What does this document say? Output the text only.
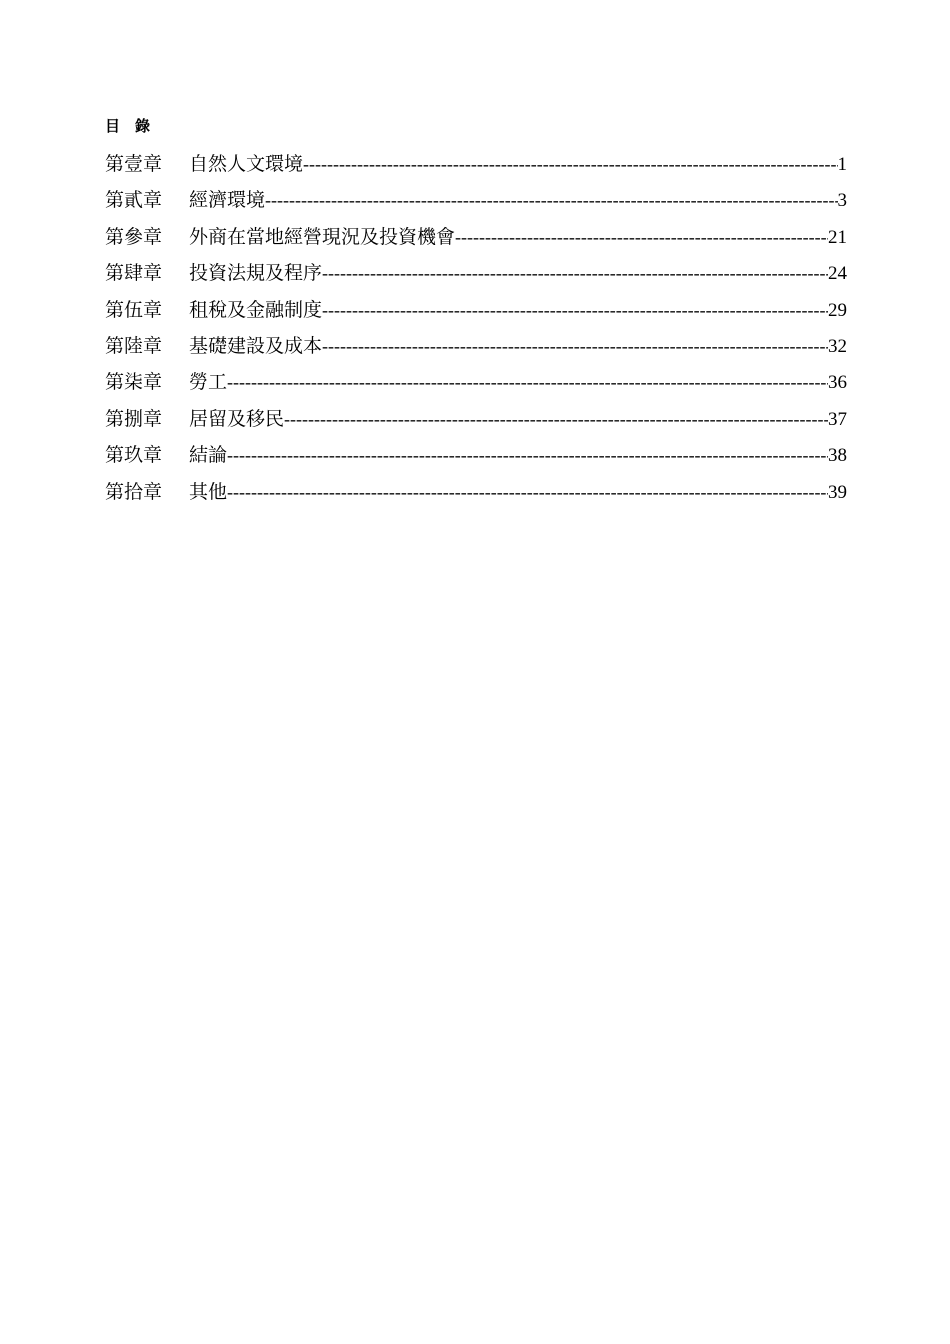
目　錄
第壹章	自然人文環境 -----	1
第貳章	經濟環境 -----	3
第參章	外商在當地經營現況及投資機會 -----	21
第肆章	投資法規及程序 -----	24
第伍章	租稅及金融制度 -----	29
第陸章	基礎建設及成本 -----	32
第柒章	勞工 -----	36
第捌章	居留及移民 -----	37
第玖章	結論 -----	38
第拾章	其他 -----	39
